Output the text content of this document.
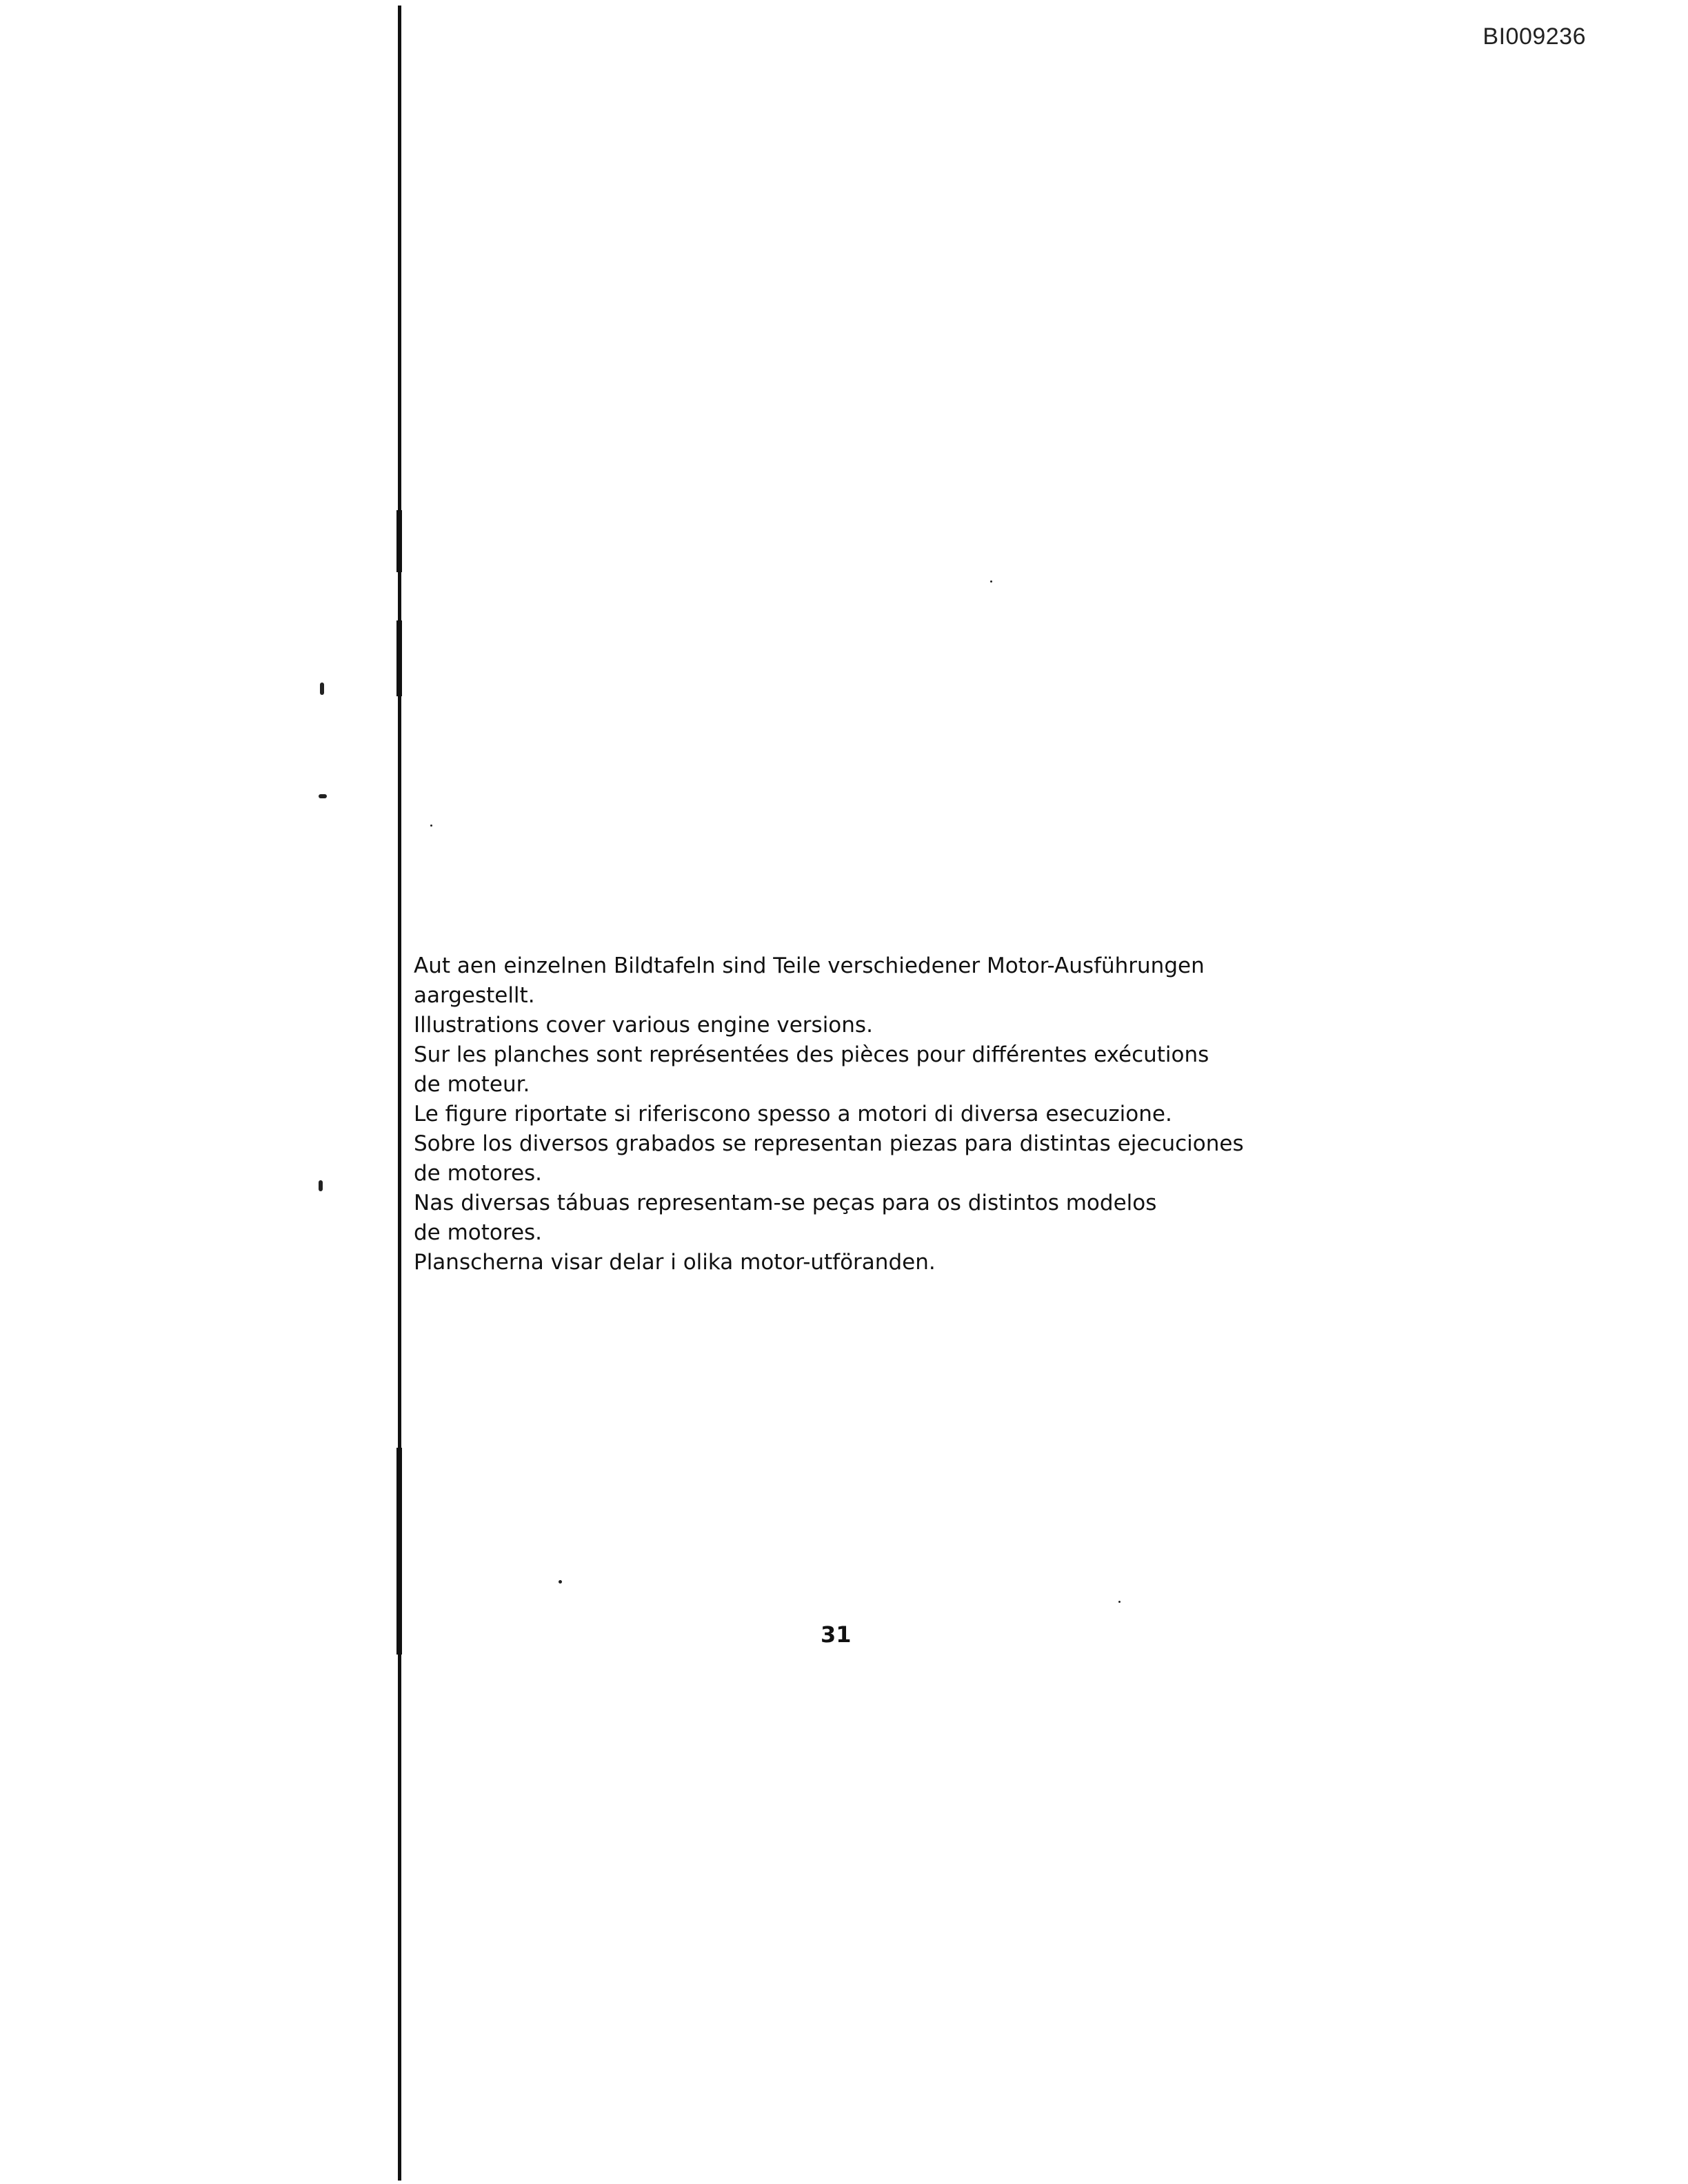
BI009236
Aut aen einzelnen Bildtafeln sind Teile verschiedener Motor-Ausführungen
aargestellt.
Illustrations cover various engine versions.
Sur les planches sont représentées des pièces pour différentes exécutions
de moteur.
Le figure riportate si riferiscono spesso a motori di diversa esecuzione.
Sobre los diversos grabados se representan piezas para distintas ejecuciones
de motores.
Nas diversas tábuas representam-se peças para os distintos modelos
de motores.
Planscherna visar delar i olika motor-utföranden.
31
